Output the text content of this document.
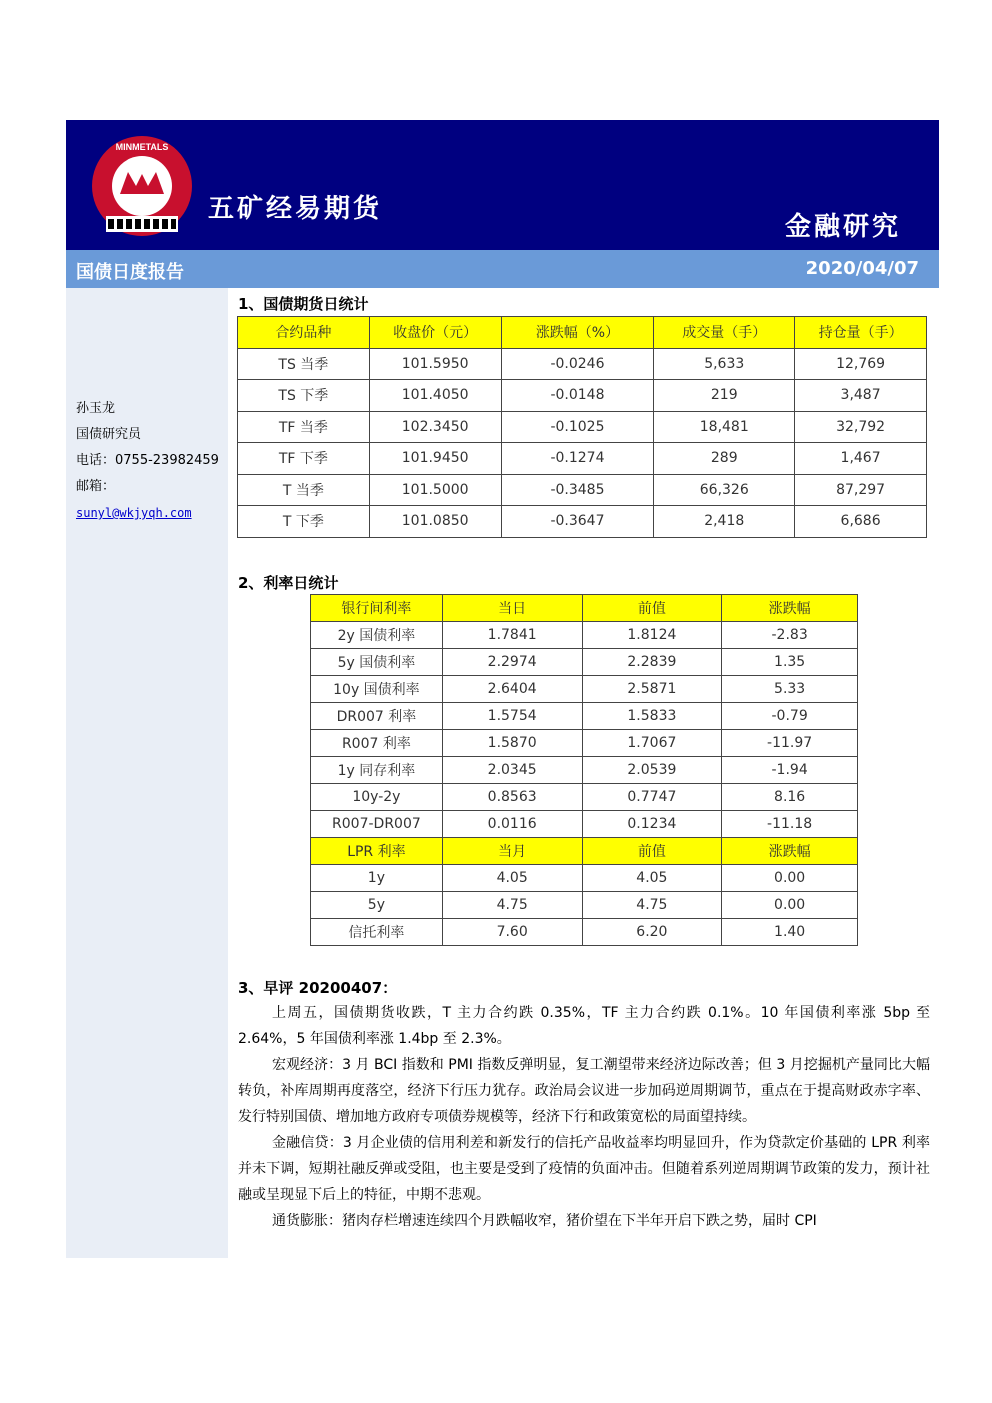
MINMETALS
五矿经易期货
金融研究
国债日度报告	2020/04/07
孙玉龙
国债研究员
电话：0755-23982459
邮箱：
sunyl@wkjyqh.com
1、国债期货日统计
合约品种	收盘价（元）	涨跌幅（%）	成交量（手）	持仓量（手）
TS 当季	101.5950	-0.0246	5,633	12,769
TS 下季	101.4050	-0.0148	219	3,487
TF 当季	102.3450	-0.1025	18,481	32,792
TF 下季	101.9450	-0.1274	289	1,467
T 当季	101.5000	-0.3485	66,326	87,297
T 下季	101.0850	-0.3647	2,418	6,686
2、利率日统计
银行间利率	当日	前值	涨跌幅
2y 国债利率	1.7841	1.8124	-2.83
5y 国债利率	2.2974	2.2839	1.35
10y 国债利率	2.6404	2.5871	5.33
DR007 利率	1.5754	1.5833	-0.79
R007 利率	1.5870	1.7067	-11.97
1y 同存利率	2.0345	2.0539	-1.94
10y-2y	0.8563	0.7747	8.16
R007-DR007	0.0116	0.1234	-11.18
LPR 利率	当月	前值	涨跌幅
1y	4.05	4.05	0.00
5y	4.75	4.75	0.00
信托利率	7.60	6.20	1.40
3、早评 20200407：

上周五，国债期货收跌，T 主力合约跌 0.35%，TF 主力合约跌 0.1%。10 年国债利率涨 5bp 至 2.64%，5 年国债利率涨 1.4bp 至 2.3%。

宏观经济：3 月 BCI 指数和 PMI 指数反弹明显，复工潮望带来经济边际改善；但 3 月挖掘机产量同比大幅转负，补库周期再度落空，经济下行压力犹存。政治局会议进一步加码逆周期调节，重点在于提高财政赤字率、发行特别国债、增加地方政府专项债券规模等，经济下行和政策宽松的局面望持续。

金融信贷：3 月企业债的信用利差和新发行的信托产品收益率均明显回升，作为贷款定价基础的 LPR 利率并未下调，短期社融反弹或受阻，也主要是受到了疫情的负面冲击。但随着系列逆周期调节政策的发力，预计社融或呈现显下后上的特征，中期不悲观。

通货膨胀：猪肉存栏增速连续四个月跌幅收窄，猪价望在下半年开启下跌之势，届时 CPI
